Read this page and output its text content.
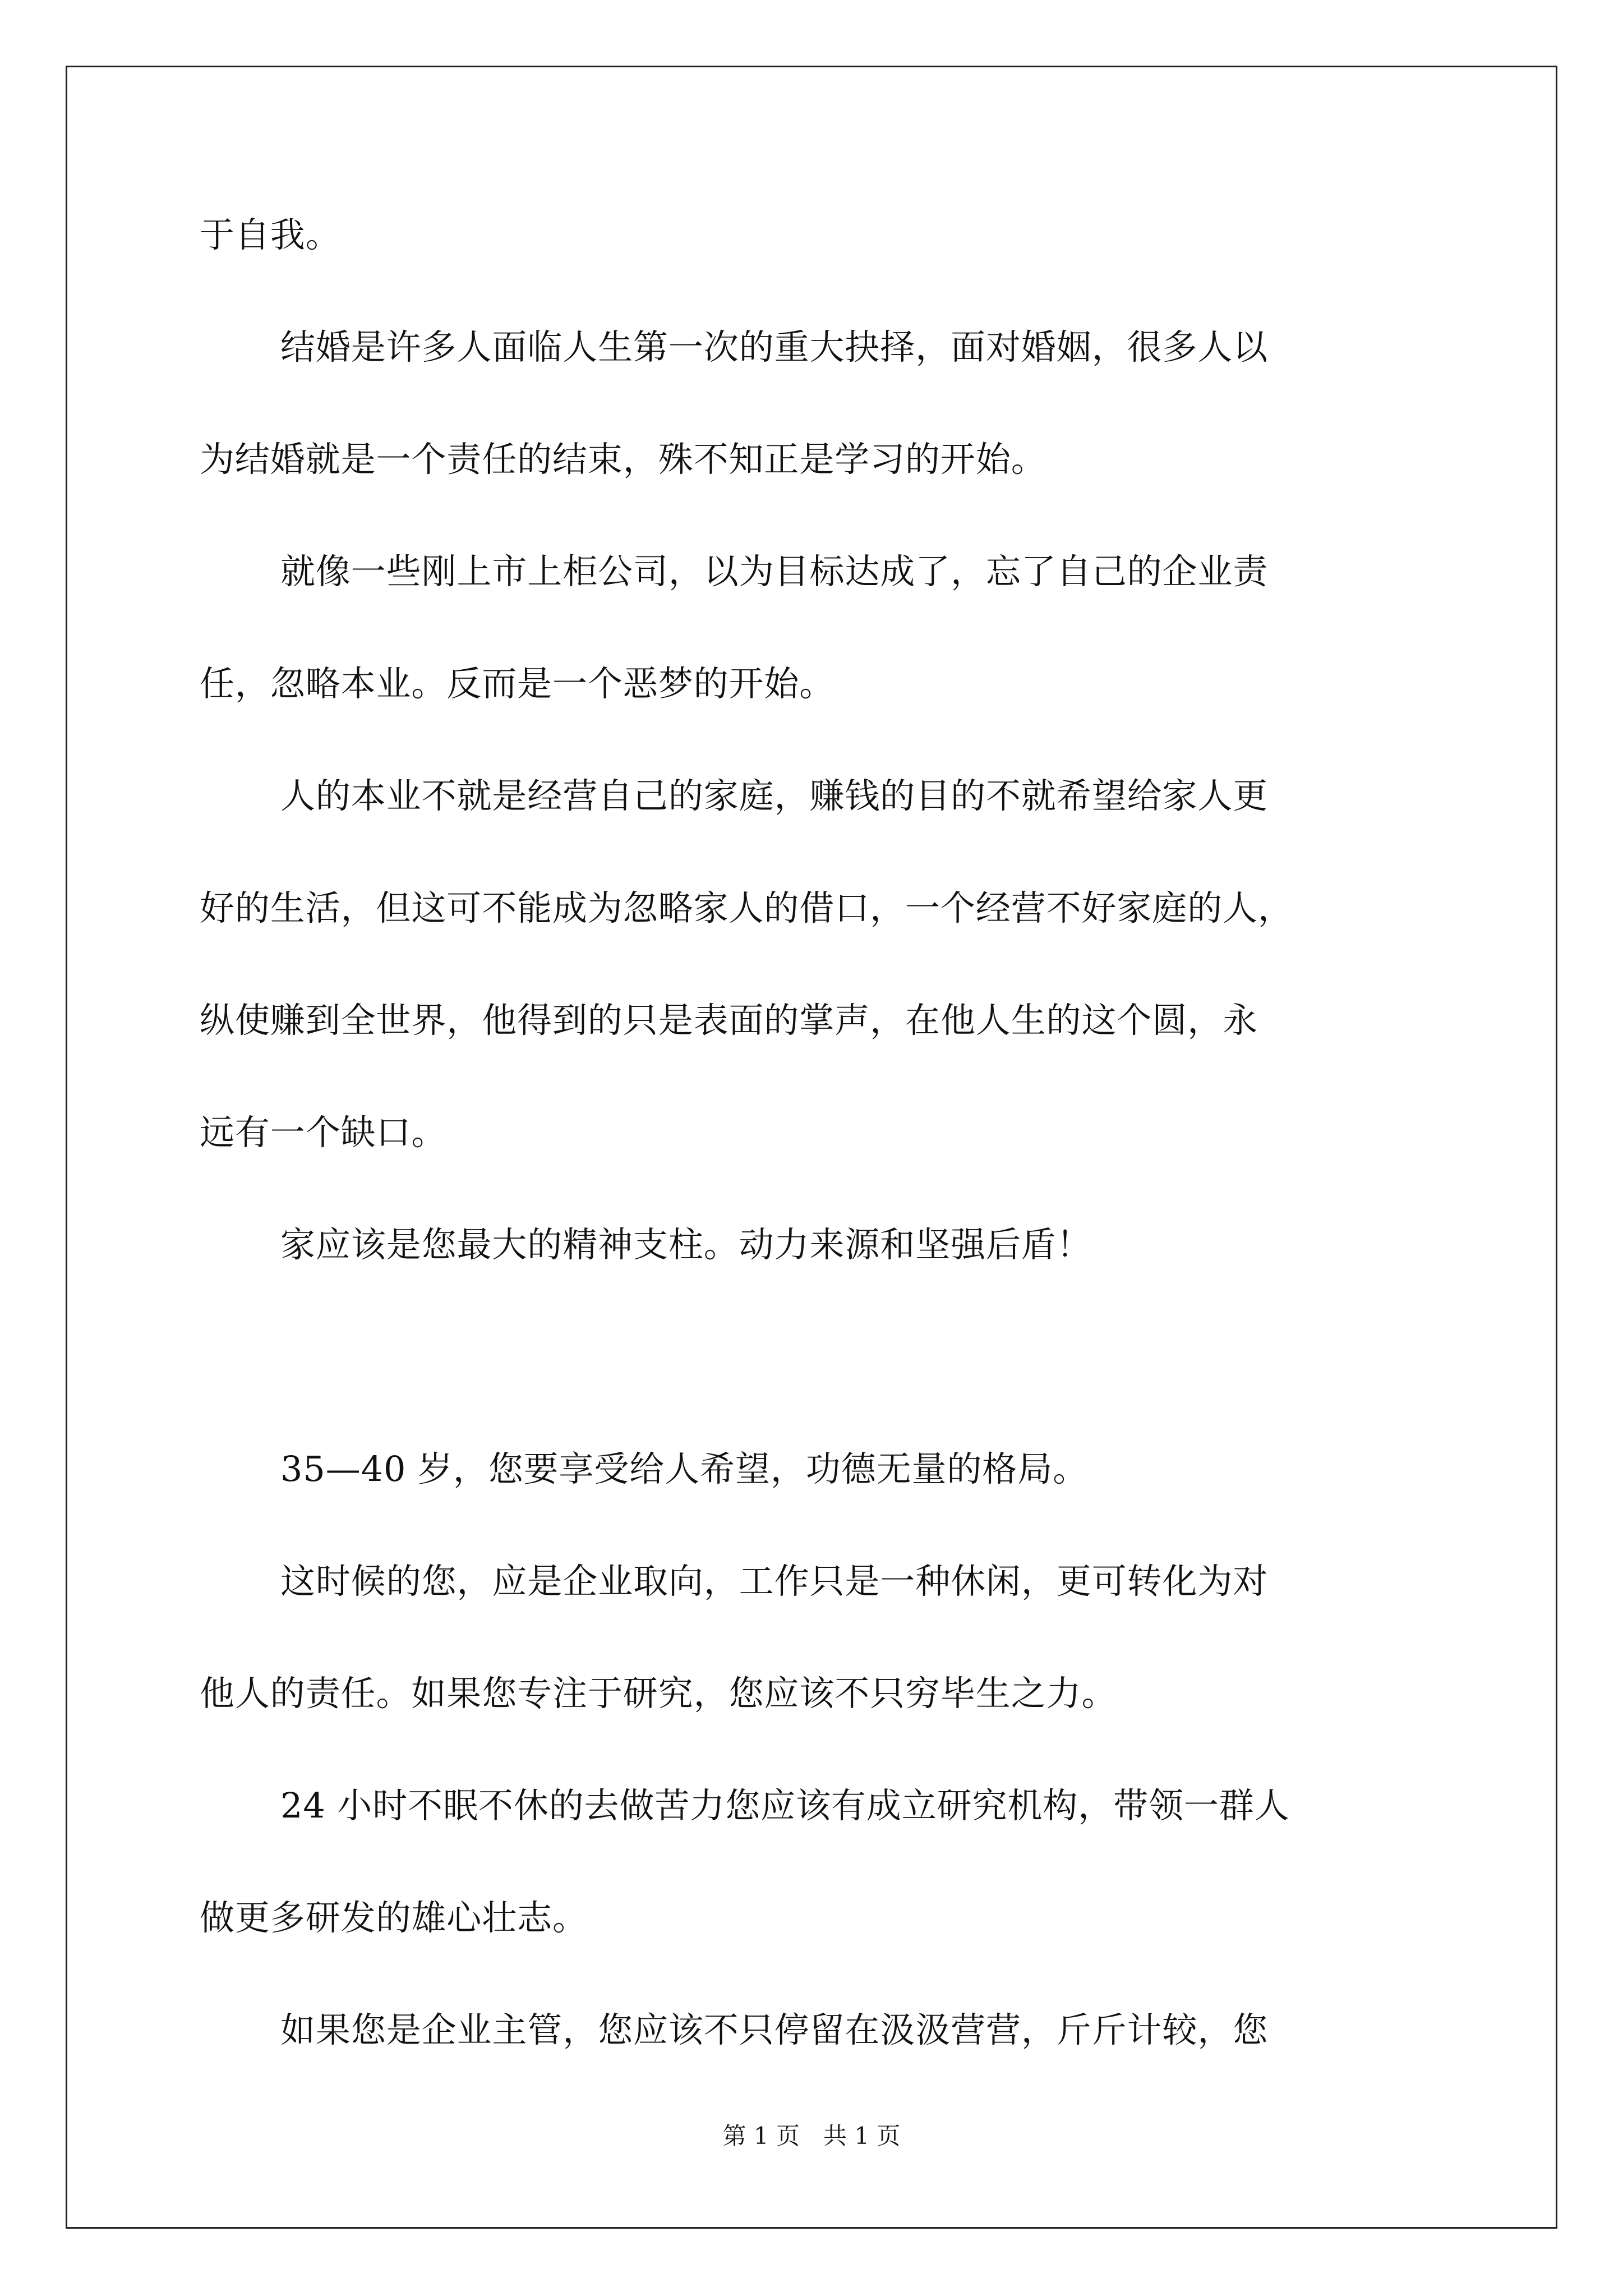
于自我。
结婚是许多人面临人生第一次的重大抉择，面对婚姻，很多人以
为结婚就是一个责任的结束，殊不知正是学习的开始。
就像一些刚上市上柜公司，以为目标达成了，忘了自己的企业责
任，忽略本业。反而是一个恶梦的开始。
人的本业不就是经营自己的家庭，赚钱的目的不就希望给家人更
好的生活，但这可不能成为忽略家人的借口，一个经营不好家庭的人，
纵使赚到全世界，他得到的只是表面的掌声，在他人生的这个圆，永
远有一个缺口。
家应该是您最大的精神支柱。动力来源和坚强后盾！
35—40 岁，您要享受给人希望，功德无量的格局。
这时候的您，应是企业取向，工作只是一种休闲，更可转化为对
他人的责任。如果您专注于研究，您应该不只穷毕生之力。
24 小时不眠不休的去做苦力您应该有成立研究机构，带领一群人
做更多研发的雄心壮志。
如果您是企业主管，您应该不只停留在汲汲营营，斤斤计较，您
第 1 页　共 1 页
